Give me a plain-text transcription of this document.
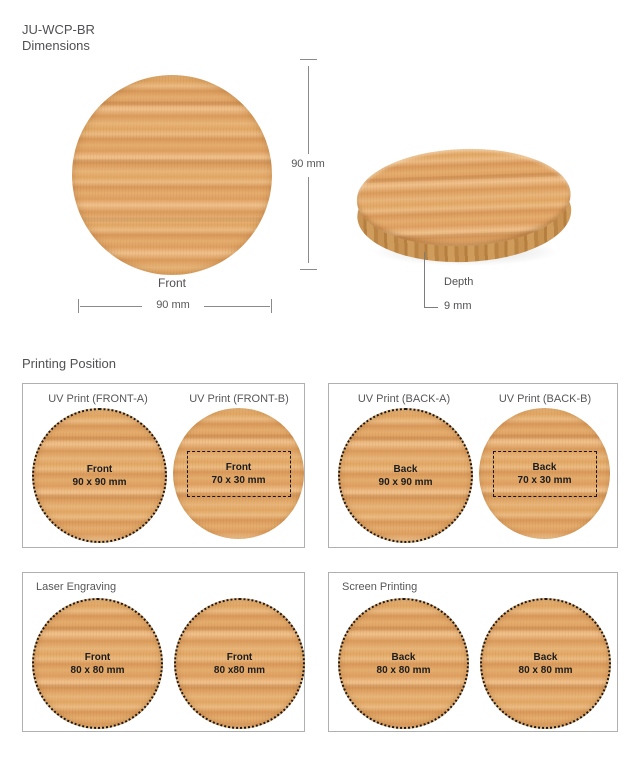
JU-WCP-BR
Dimensions
Front
90 mm
90 mm
Depth
9 mm
Printing Position
UV Print (FRONT-A)	UV Print (FRONT-B)
Front
90 x 90 mm
Front
70 x 30 mm
UV Print (BACK-A)	UV Print (BACK-B)
Back
90 x 90 mm
Back
70 x 30 mm
Laser Engraving
Front
80 x 80 mm
Front
80 x80 mm
Screen Printing
Back
80 x 80 mm
Back
80 x 80 mm
